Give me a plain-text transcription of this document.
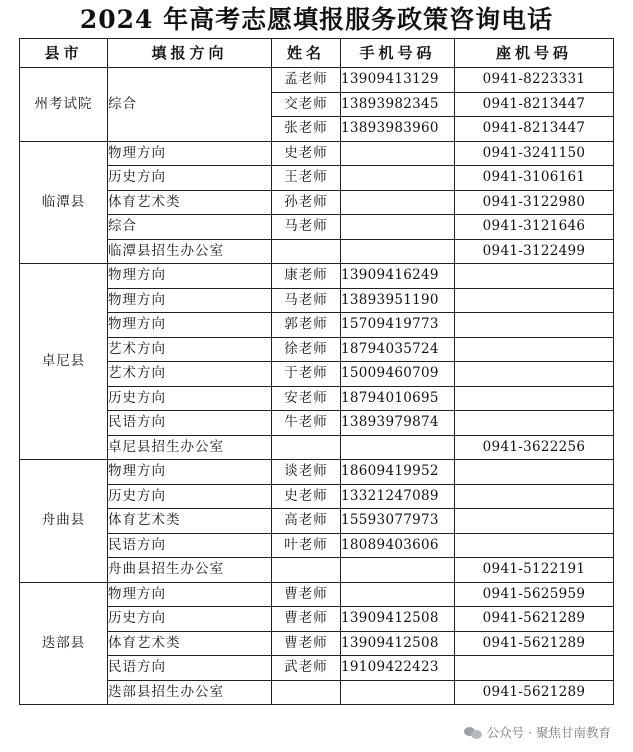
2024 年高考志愿填报服务政策咨询电话
县市	填报方向	姓名	手机号码	座机号码
州考试院	综合	孟老师	13909413129	0941-8223331
		交老师	13893982345	0941-8213447
		张老师	13893983960	0941-8213447
临潭县	物理方向	史老师		0941-3241150
	历史方向	王老师		0941-3106161
	体育艺术类	孙老师		0941-3122980
	综合	马老师		0941-3121646
	临潭县招生办公室			0941-3122499
卓尼县	物理方向	康老师	13909416249	
	物理方向	马老师	13893951190	
	物理方向	郭老师	15709419773	
	艺术方向	徐老师	18794035724	
	艺术方向	于老师	15009460709	
	历史方向	安老师	18794010695	
	民语方向	牛老师	13893979874	
	卓尼县招生办公室			0941-3622256
舟曲县	物理方向	谈老师	18609419952	
	历史方向	史老师	13321247089	
	体育艺术类	高老师	15593077973	
	民语方向	叶老师	18089403606	
	舟曲县招生办公室			0941-5122191
迭部县	物理方向	曹老师		0941-5625959
	历史方向	曹老师	13909412508	0941-5621289
	体育艺术类	曹老师	13909412508	0941-5621289
	民语方向	武老师	19109422423	
	迭部县招生办公室			0941-5621289
公众号 · 聚焦甘南教育
